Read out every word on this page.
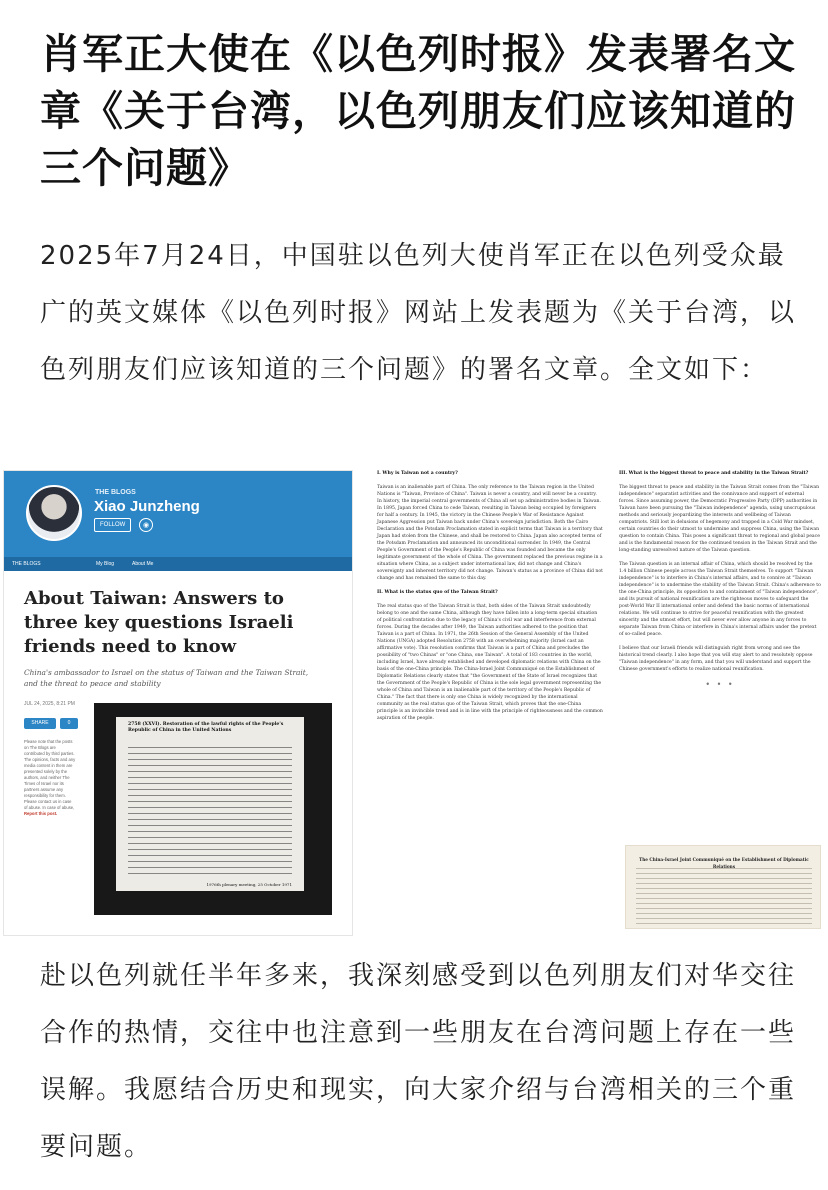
肖军正大使在《以色列时报》发表署名文章《关于台湾，以色列朋友们应该知道的三个问题》

2025年7月24日，中国驻以色列大使肖军正在以色列受众最广的英文媒体《以色列时报》网站上发表题为《关于台湾，以色列朋友们应该知道的三个问题》的署名文章。全文如下：

THE BLOGS
Xiao Junzheng
FOLLOW	◉
THE BLOGS	My Blog	About Me
About Taiwan: Answers to three key questions Israeli friends need to know
China's ambassador to Israel on the status of Taiwan and the Taiwan Strait, and the threat to peace and stability
JUL 24, 2025, 8:21 PM
SHARE	0
Please note that the posts on The Blogs are contributed by third parties. The opinions, facts and any media content in them are presented solely by the authors, and neither The Times of Israel nor its partners assume any responsibility for them. Please contact us in case of abuse. In case of abuse, Report this post.
2758 (XXVI). Restoration of the lawful rights of the People's Republic of China in the United Nations
1976th plenary meeting, 25 October 1971
I. Why is Taiwan not a country?

Taiwan is an inalienable part of China. The only reference to the Taiwan region in the United Nations is "Taiwan, Province of China". Taiwan is never a country, and will never be a country. In history, the imperial central governments of China all set up administrative bodies in Taiwan. In 1895, Japan forced China to cede Taiwan, resulting in Taiwan being occupied by foreigners for half a century. In 1945, the victory in the Chinese People's War of Resistance Against Japanese Aggression put Taiwan back under China's sovereign jurisdiction. Both the Cairo Declaration and the Potsdam Proclamation stated in explicit terms that Taiwan is a territory that Japan had stolen from the Chinese, and shall be restored to China. Japan also accepted terms of the Potsdam Proclamation and announced its unconditional surrender. In 1949, the Central People's Government of the People's Republic of China was founded and became the only legitimate government of the whole of China. The government replaced the previous regime in a situation where China, as a subject under international law, did not change and China's sovereignty and inherent territory did not change. Taiwan's status as a province of China did not change and has remained the same to this day.

II. What is the status quo of the Taiwan Strait?

The real status quo of the Taiwan Strait is that, both sides of the Taiwan Strait undoubtedly belong to one and the same China, although they have fallen into a long-term special situation of political confrontation due to the legacy of China's civil war and interference from external forces. During the decades after 1949, the Taiwan authorities adhered to the position that Taiwan is a part of China. In 1971, the 26th Session of the General Assembly of the United Nations (UNGA) adopted Resolution 2758 with an overwhelming majority (Israel cast an affirmative vote). This resolution confirms that Taiwan is a part of China and precludes the possibility of "two Chinas" or "one China, one Taiwan". A total of 183 countries in the world, including Israel, have already established and developed diplomatic relations with China on the basis of the one-China principle. The China-Israel Joint Communiqué on the Establishment of Diplomatic Relations clearly states that "the Government of the State of Israel recognizes that the Government of the People's Republic of China is the sole legal government representing the whole of China and Taiwan is an inalienable part of the territory of the People's Republic of China." The fact that there is only one China is widely recognized by the international community as the real status quo of the Taiwan Strait, which proves that the one-China principle is an invincible trend and is in line with the principle of righteousness and the common aspiration of the people.

III. What is the biggest threat to peace and stability in the Taiwan Strait?

The biggest threat to peace and stability in the Taiwan Strait comes from the "Taiwan independence" separatist activities and the connivance and support of external forces. Since assuming power, the Democratic Progressive Party (DPP) authorities in Taiwan have been pursuing the "Taiwan independence" agenda, using unscrupulous methods and seriously jeopardizing the interests and wellbeing of Taiwan compatriots. Still lost in delusions of hegemony and trapped in a Cold War mindset, certain countries do their utmost to undermine and suppress China, using the Taiwan question to contain China. This poses a significant threat to regional and global peace and is the fundamental reason for the continued tension in the Taiwan Strait and the long-standing unresolved nature of the Taiwan question.

The Taiwan question is an internal affair of China, which should be resolved by the 1.4 billion Chinese people across the Taiwan Strait themselves. To support "Taiwan independence" is to interfere in China's internal affairs, and to connive at "Taiwan independence" is to undermine the stability of the Taiwan Strait. China's adherence to the one-China principle, its opposition to and containment of "Taiwan independence", and its pursuit of national reunification are the righteous moves to safeguard the post-World War II international order and defend the basic norms of international relations. We will continue to strive for peaceful reunification with the greatest sincerity and the utmost effort, but will never ever allow anyone in any forces to separate Taiwan from China or interfere in China's internal affairs under the pretext of so-called peace.

I believe that our Israeli friends will distinguish right from wrong and see the historical trend clearly. I also hope that you will stay alert to and resolutely oppose "Taiwan independence" in any form, and that you will understand and support the Chinese government's efforts to realize national reunification.

• • •
The China-Israel Joint Communiqué on the Establishment of Diplomatic Relations

赴以色列就任半年多来，我深刻感受到以色列朋友们对华交往合作的热情，交往中也注意到一些朋友在台湾问题上存在一些误解。我愿结合历史和现实，向大家介绍与台湾相关的三个重要问题。
